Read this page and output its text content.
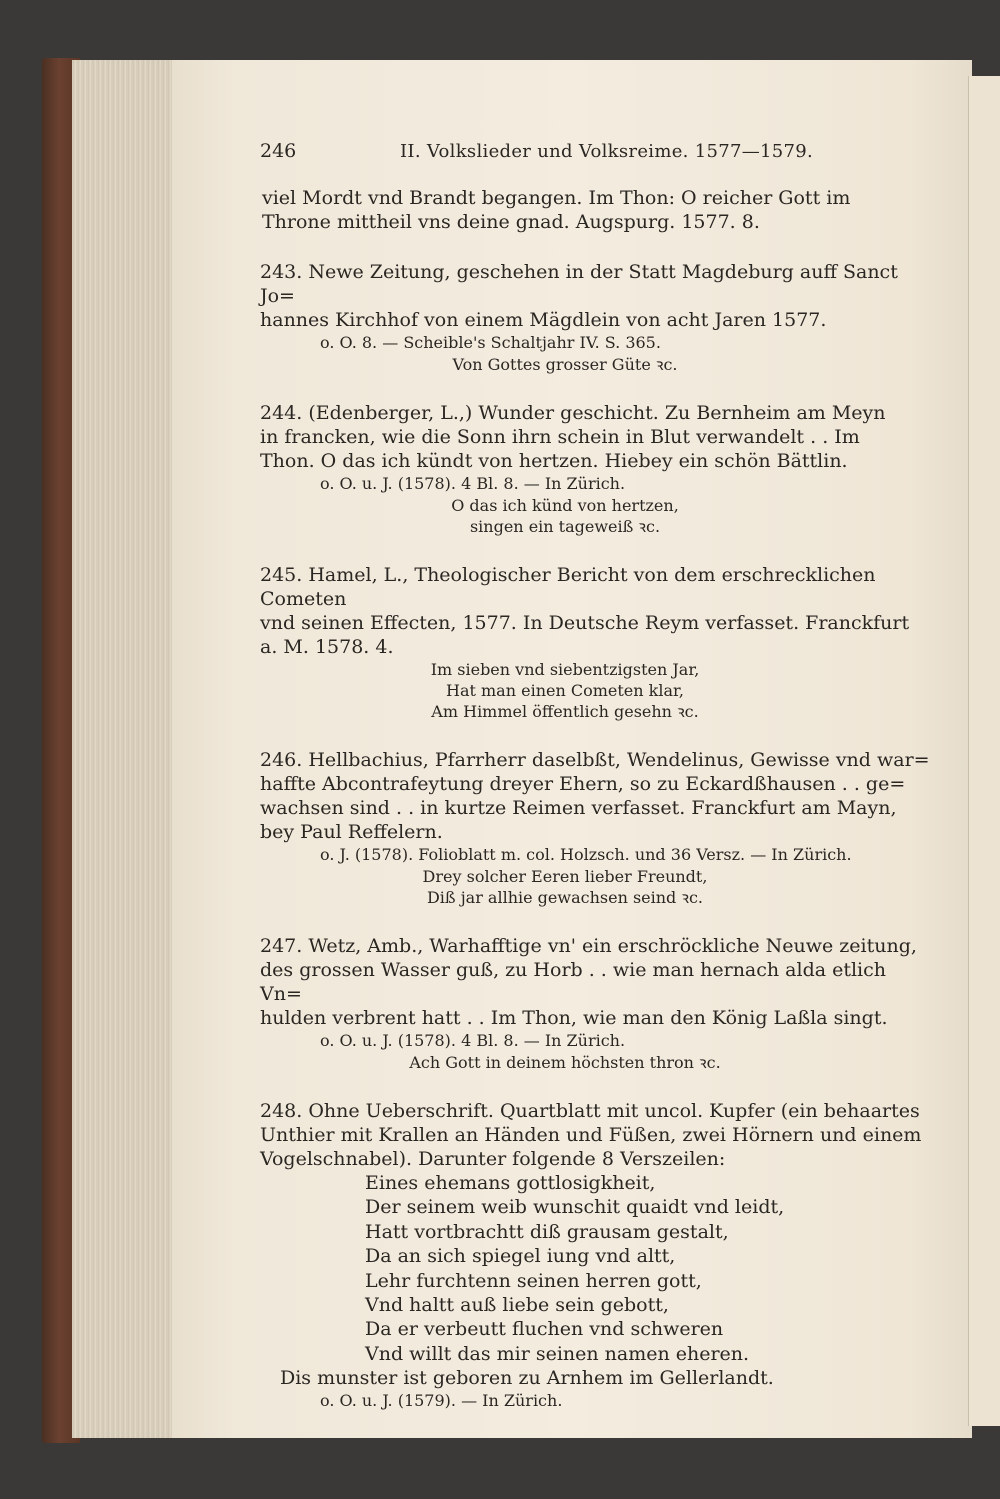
246	II. Volkslieder und Volksreime. 1577—1579.

viel Mordt vnd Brandt begangen. Im Thon: O reicher Gott im

Throne mittheil vns deine gnad. Augspurg. 1577. 8.

243. Newe Zeitung, geschehen in der Statt Magdeburg auff Sanct Jo=

hannes Kirchhof von einem Mägdlein von acht Jaren 1577.

o. O. 8. — Scheible's Schaltjahr IV. S. 365.

Von Gottes grosser Güte ꝛc.

244. (Edenberger, L.,) Wunder geschicht. Zu Bernheim am Meyn

in francken, wie die Sonn ihrn schein in Blut verwandelt . . Im

Thon. O das ich kündt von hertzen. Hiebey ein schön Bättlin.

o. O. u. J. (1578). 4 Bl. 8. — In Zürich.

O das ich künd von hertzen,

singen ein tageweiß ꝛc.

245. Hamel, L., Theologischer Bericht von dem erschrecklichen Cometen

vnd seinen Effecten, 1577. In Deutsche Reym verfasset. Franckfurt

a. M. 1578. 4.

Im sieben vnd siebentzigsten Jar,

Hat man einen Cometen klar,

Am Himmel öffentlich gesehn ꝛc.

246. Hellbachius, Pfarrherr daselbßt, Wendelinus, Gewisse vnd war=

haffte Abcontrafeytung dreyer Ehern, so zu Eckardßhausen . . ge=

wachsen sind . . in kurtze Reimen verfasset. Franckfurt am Mayn,

bey Paul Reffelern.

o. J. (1578). Folioblatt m. col. Holzsch. und 36 Versz. — In Zürich.

Drey solcher Eeren lieber Freundt,

Diß jar allhie gewachsen seind ꝛc.

247. Wetz, Amb., Warhafftige vn' ein erschröckliche Neuwe zeitung,

des grossen Wasser guß, zu Horb . . wie man hernach alda etlich Vn=

hulden verbrent hatt . . Im Thon, wie man den König Laßla singt.

o. O. u. J. (1578). 4 Bl. 8. — In Zürich.

Ach Gott in deinem höchsten thron ꝛc.

248. Ohne Ueberschrift. Quartblatt mit uncol. Kupfer (ein behaartes

Unthier mit Krallen an Händen und Füßen, zwei Hörnern und einem

Vogelschnabel). Darunter folgende 8 Verszeilen:

Eines ehemans gottlosigkheit,

Der seinem weib wunschit quaidt vnd leidt,

Hatt vortbrachtt diß grausam gestalt,

Da an sich spiegel iung vnd altt,

Lehr furchtenn seinen herren gott,

Vnd haltt auß liebe sein gebott,

Da er verbeutt fluchen vnd schweren

Vnd willt das mir seinen namen eheren.

Dis munster ist geboren zu Arnhem im Gellerlandt.

o. O. u. J. (1579). — In Zürich.
